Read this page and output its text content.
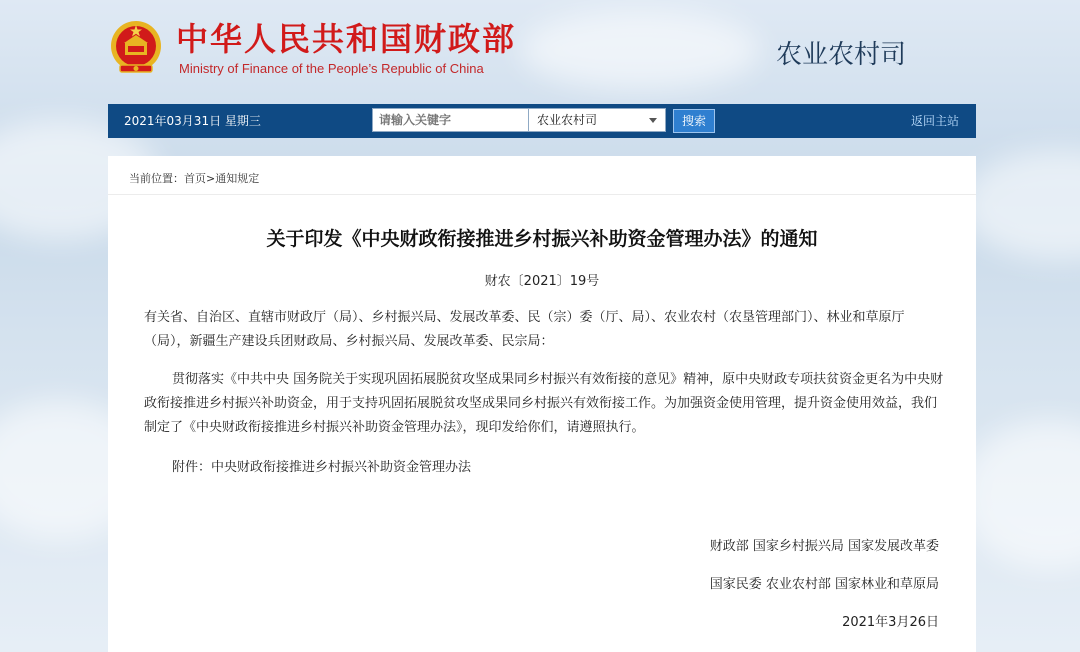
中华人民共和国财政部
Ministry of Finance of the People’s Republic of China	农业农村司
2021年03月31日 星期三
请输入关键字	农业农村司	搜索	返回主站
当前位置：首页>通知规定
关于印发《中央财政衔接推进乡村振兴补助资金管理办法》的通知
财农〔2021〕19号
有关省、自治区、直辖市财政厅（局）、乡村振兴局、发展改革委、民（宗）委（厅、局）、农业农村（农垦管理部门）、林业和草原厅（局），新疆生产建设兵团财政局、乡村振兴局、发展改革委、民宗局：
贯彻落实《中共中央 国务院关于实现巩固拓展脱贫攻坚成果同乡村振兴有效衔接的意见》精神，原中央财政专项扶贫资金更名为中央财政衔接推进乡村振兴补助资金，用于支持巩固拓展脱贫攻坚成果同乡村振兴有效衔接工作。为加强资金使用管理，提升资金使用效益，我们制定了《中央财政衔接推进乡村振兴补助资金管理办法》，现印发给你们，请遵照执行。
附件：中央财政衔接推进乡村振兴补助资金管理办法
财政部 国家乡村振兴局 国家发展改革委
国家民委 农业农村部 国家林业和草原局
2021年3月26日
